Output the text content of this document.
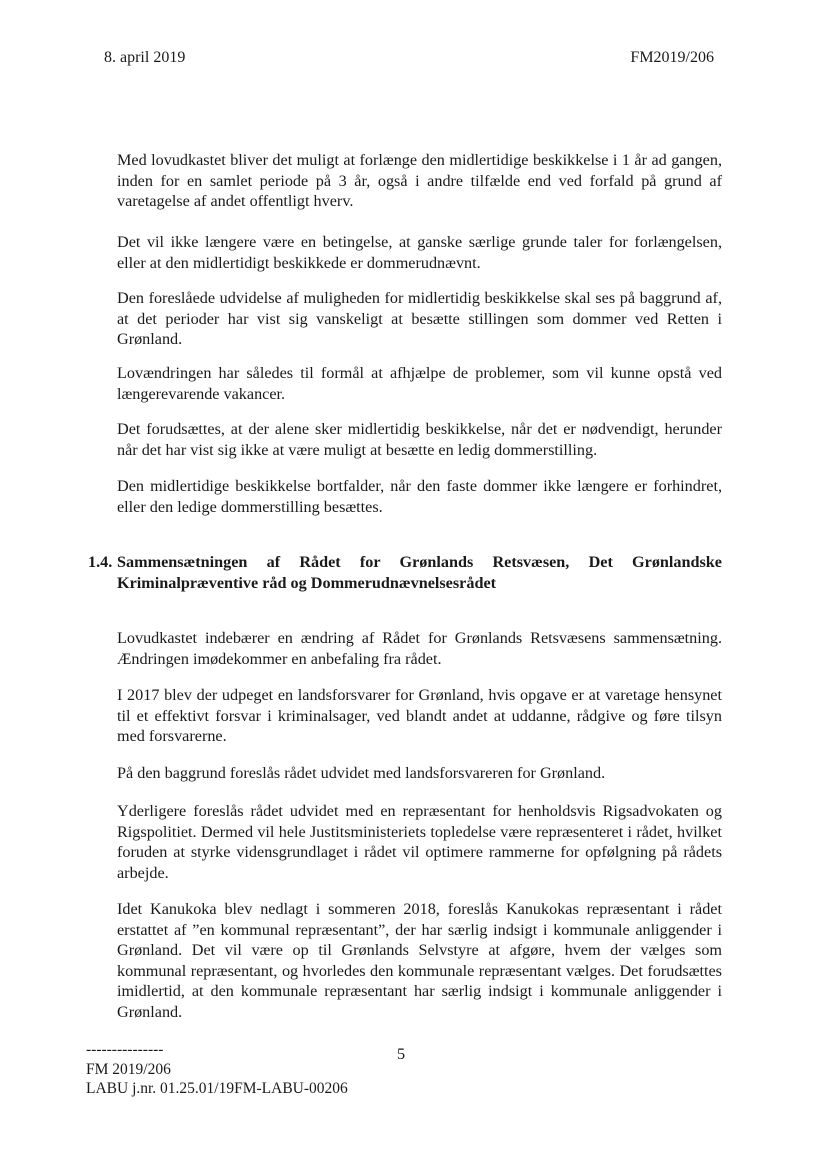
8. april 2019	FM2019/206

Med lovudkastet bliver det muligt at forlænge den midlertidige beskikkelse i 1 år ad gangen, inden for en samlet periode på 3 år, også i andre tilfælde end ved forfald på grund af varetagelse af andet offentligt hverv.

Det vil ikke længere være en betingelse, at ganske særlige grunde taler for forlængelsen, eller at den midlertidigt beskikkede er dommerudnævnt.

Den foreslåede udvidelse af muligheden for midlertidig beskikkelse skal ses på baggrund af, at det perioder har vist sig vanskeligt at besætte stillingen som dommer ved Retten i Grønland.

Lovændringen har således til formål at afhjælpe de problemer, som vil kunne opstå ved længerevarende vakancer.

Det forudsættes, at der alene sker midlertidig beskikkelse, når det er nødvendigt, herunder når det har vist sig ikke at være muligt at besætte en ledig dommerstilling.

Den midlertidige beskikkelse bortfalder, når den faste dommer ikke længere er forhindret, eller den ledige dommerstilling besættes.

1.4. Sammensætningen af Rådet for Grønlands Retsvæsen, Det Grønlandske Kriminalpræventive råd og Dommerudnævnelsesrådet

Lovudkastet indebærer en ændring af Rådet for Grønlands Retsvæsens sammensætning. Ændringen imødekommer en anbefaling fra rådet.

I 2017 blev der udpeget en landsforsvarer for Grønland, hvis opgave er at varetage hensynet til et effektivt forsvar i kriminalsager, ved blandt andet at uddanne, rådgive og føre tilsyn med forsvarerne.

På den baggrund foreslås rådet udvidet med landsforsvareren for Grønland.

Yderligere foreslås rådet udvidet med en repræsentant for henholdsvis Rigsadvokaten og Rigspolitiet. Dermed vil hele Justitsministeriets topledelse være repræsenteret i rådet, hvilket foruden at styrke vidensgrundlaget i rådet vil optimere rammerne for opfølgning på rådets arbejde.

Idet Kanukoka blev nedlagt i sommeren 2018, foreslås Kanukokas repræsentant i rådet erstattet af ”en kommunal repræsentant”, der har særlig indsigt i kommunale anliggender i Grønland. Det vil være op til Grønlands Selvstyre at afgøre, hvem der vælges som kommunal repræsentant, og hvorledes den kommunale repræsentant vælges. Det forudsættes imidlertid, at den kommunale repræsentant har særlig indsigt i kommunale anliggender i Grønland.

5
---------------
FM 2019/206
LABU j.nr. 01.25.01/19FM-LABU-00206
